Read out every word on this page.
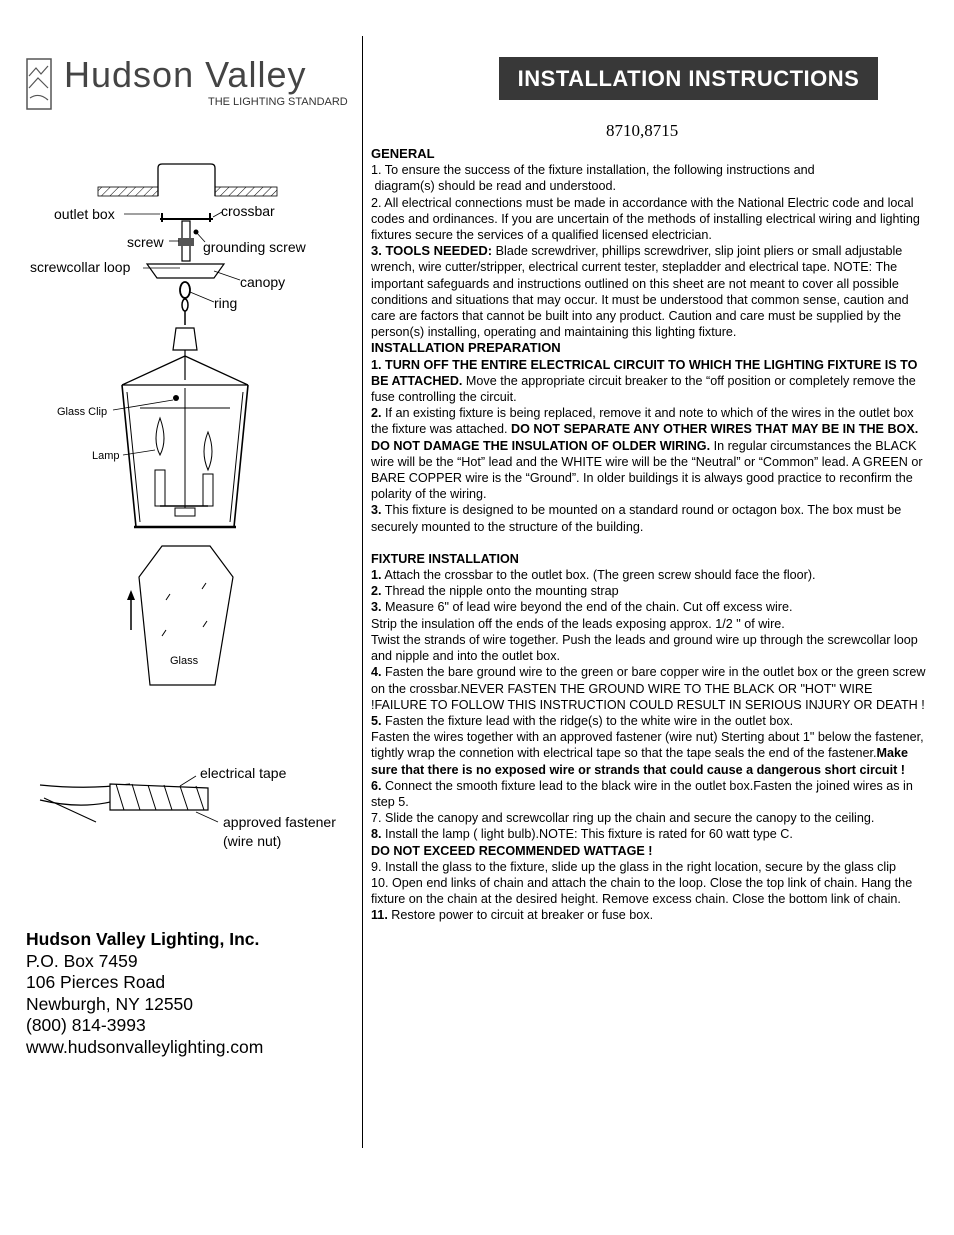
Hudson Valley
THE LIGHTING STANDARD
INSTALLATION INSTRUCTIONS
8710,8715
outlet box	crossbar
screw	grounding screw
screwcollar loop
canopy
ring
Glass Clip
Lamp
Glass
electrical tape
approved fastener
(wire nut)
Hudson Valley Lighting, Inc.
P.O. Box 7459
106 Pierces Road
Newburgh, NY 12550
(800) 814-3993
www.hudsonvalleylighting.com

GENERAL

1. To ensure the success of the fixture installation, the following instructions and

diagram(s) should be read and understood.

2. All electrical connections must be made in accordance with the National Electric code and local codes and ordinances. If you are uncertain of the methods of installing electrical wiring and lighting fixtures secure the services of a qualified licensed electrician.

3. TOOLS NEEDED: Blade screwdriver, phillips screwdriver, slip joint pliers or small adjustable wrench, wire cutter/stripper, electrical current tester, stepladder and electrical tape. NOTE: The important safeguards and instructions outlined on this sheet are not meant to cover all possible conditions and situations that may occur. It must be understood that common sense, caution and care are factors that cannot be built into any product. Caution and care must be supplied by the person(s) installing, operating and maintaining this lighting fixture.

INSTALLATION PREPARATION

1. TURN OFF THE ENTIRE ELECTRICAL CIRCUIT TO WHICH THE LIGHTING FIXTURE IS TO BE ATTACHED. Move the appropriate circuit breaker to the “off position or completely remove the fuse controlling the circuit.

2. If an existing fixture is being replaced, remove it and note to which of the wires in the outlet box the fixture was attached. DO NOT SEPARATE ANY OTHER WIRES THAT MAY BE IN THE BOX. DO NOT DAMAGE THE INSULATION OF OLDER WIRING. In regular circumstances the BLACK wire will be the “Hot” lead and the WHITE wire will be the “Neutral” or “Common” lead. A GREEN or BARE COPPER wire is the “Ground”. In older buildings it is always good practice to reconfirm the polarity of the wiring.

3. This fixture is designed to be mounted on a standard round or octagon box. The box must be securely mounted to the structure of the building.

FIXTURE INSTALLATION

1. Attach the crossbar to the outlet box. (The green screw should face the floor).

2. Thread the nipple onto the mounting strap

3. Measure 6" of lead wire beyond the end of the chain. Cut off excess wire.

Strip the insulation off the ends of the leads exposing approx. 1/2 " of wire.

Twist the strands of wire together. Push the leads and ground wire up through the screwcollar loop and nipple and into the outlet box.

4. Fasten the bare ground wire to the green or bare copper wire in the outlet box or the green screw on the crossbar.NEVER FASTEN THE GROUND WIRE TO THE BLACK OR "HOT" WIRE !FAILURE TO FOLLOW THIS INSTRUCTION COULD RESULT IN SERIOUS INJURY OR DEATH !

5. Fasten the fixture lead with the ridge(s) to the white wire in the outlet box.

Fasten the wires together with an approved fastener (wire nut) Sterting about 1" below the fastener, tightly wrap the connetion with electrical tape so that the tape seals the end of the fastener.Make sure that there is no exposed wire or strands that could cause a dangerous short circuit !

6. Connect the smooth fixture lead to the black wire in the outlet box.Fasten the joined wires as in step 5.

7. Slide the canopy and screwcollar ring up the chain and secure the canopy to the ceiling.

8. Install the lamp ( light bulb).NOTE: This fixture is rated for 60 watt type C.

DO NOT EXCEED RECOMMENDED WATTAGE !

9. Install the glass to the fixture, slide up the glass in the right location, secure by the glass clip

10. Open end links of chain and attach the chain to the loop. Close the top link of chain. Hang the fixture on the chain at the desired height. Remove excess chain. Close the bottom link of chain.

11. Restore power to circuit at breaker or fuse box.
